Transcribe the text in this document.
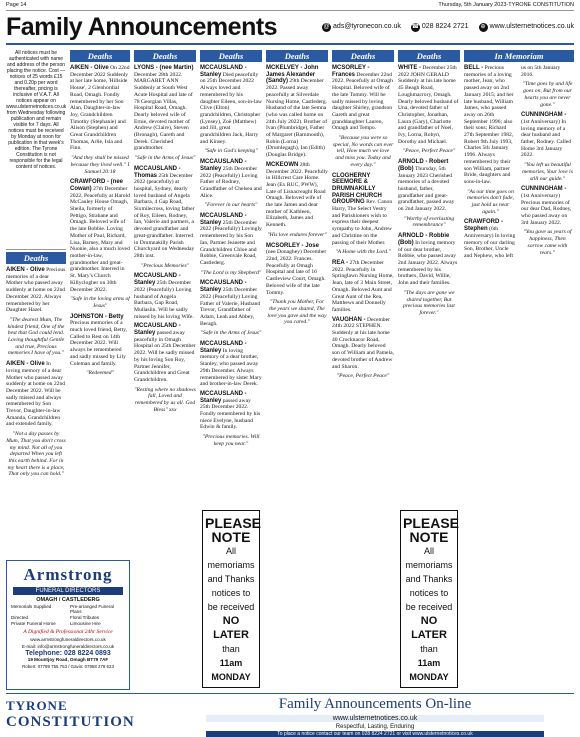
Page 14	Thursday, 5th January 2023-TYRONE CONSTITUTION
Family Announcements	@ ads@tyronecon.co.uk ☎ 028 8224 2721	⊕ www.ulsternetnotices.co.uk
All notices must be authenticated with name and address of the person placing the notice. Cost — notices of 25 words £15 and 0.20p per word thereafter, pricing is inclusive of V.A.T. All notices appear on www.ulsternetnotices.co.uk from Wednesday following publication and remain visible for 7 days. All notices must be received by Monday at noon for publication in that week's edition. The Tyrone Constitution is not responsible for the legal content of notices.
Deaths

AIKEN - Olive Precious memories of a dear Mother who passed away suddenly at home on 22nd December 2022. Always remembered by her Daughter Hazel.

"The dearest Mum, The kindest friend, One of the best that God could lend. Loving thoughtful Gentle and true, Precious memories I have of you."

AIKEN - Olive In loving memory of a dear Mother who passed away suddenly at home on 22nd December 2022. Will be sadly missed and always remembered by Son Trevor, Daughter-in-law Amanda, Grandchildren and extended family.

"Not a day passes by Mum, That you don't cross my mind. Not all of you departed When you left this earth behind. For in my heart there is a place, That only you can hold."

Deaths

AIKEN - Olive On 22nd December 2022 Suddenly at her late home, 'Hillside House', 2 Glenhordial Road, Omagh. Fondly remembered by her Son Alan, Daughter-in-law Joy, Grandchildren Timothy (Stephanie) and Alison (Stephen) and Great Grandchildren Thomas, Arlie, Isla and Finn.

"And they shall be missed because they lived well." I Samuel 20:18

CRAWFORD - (nee Cowan) 27th December 2022. Peacefully at Harold McCauley House Omagh, Sheila, formerly of Pettigo, Strabane and Omagh. Beloved wife of the late Bobbie. Loving Mother of Paul, Richard, Lisa, Barney, Mary and Nuonie, also a much loved mother-in-law, grandmother and great-grandmother. Interred in St. Mary's Church Killyclogher on 30th December 2022.

"Safe in the loving arms of Jesus"

JOHNSTON - Betty Precious memories of a much loved friend, Betty, Called to Rest on 14th December 2022. Will always be remembered and sadly missed by Lily Coleman and family.

"Redeemed"

Deaths

LYONS - (nee Martin) December 28th 2022. MARGARET ANN Suddenly at South West Acute Hospital and late of 78 Georgian Villas, Hospital Road, Omagh. Dearly beloved wife of Ernie, devoted mother of Andrew (Claire), Steven (Bronagh), Gareth and Derek. Cherished grandmother.

"Safe in the Arms of Jesus"

MCCAUSLAND - Thomas 25th December 2022 (peacefully) at hospital, Sydney, dearly loved husband of Angela Barbara, 4 Gap Road, Sixmilecross, loving father of Roy, Eileen, Rodney, Ian, Valerie and partners, a devoted grandfather and great-grandfather. Interred in Drumnakilly Parish Churchyard on Wednesday 28th inst.

"Precious Memories"

MCCAUSLAND - Stanley 25th December 2022 (Peacefully) Loving husband of Angela Barbara, Gap Road, Mullaslin. Will be sadly missed by his loving Wife.

MCCAUSLAND - Stanley passed away peacefully in Omagh Hospital on 25th December 2022. Will be sadly missed by his loving Son Roy, Partner Jennifer, Grandchildren and Great Grandchildren.

"Resting where no shadows fall, Loved and remembered by us all. God Bless" xxx

Deaths

MCCAUSLAND - Stanley Died peacefully on 25th December 2022 Always loved and remembered by his daughter Eileen, son-in-law Clive (Elton) grandchildren, Christopher (Lynsey), Zoë (Matthew) and Jill, great grandchildren Jack, Harry and Kinsey.

"Safe in God's keeping"

MCCAUSLAND - Stanley 25th December 2022 (Peacefully) Loving Father of Rodney, Grandfather of Chelsea and Alice.

"Forever in our hearts"

MCCAUSLAND - Stanley 25th December 2022 (Peacefully) Lovingly remembered by his Son Ian, Partner Jeanette and Grandchildren Chloe and Robbie, Greenvale Road, Castlederg.

"The Lord is my Shepherd"

MCCAUSLAND - Stanley 25th December 2022 (Peacefully) Loving Father of Valerie, Husband Trevor, Grandfather of Adam, Leah and Abbey, Beragh.

"Safe in the Arms of Jesus"

MCCAUSLAND - Stanley In loving memory of a dear brother, Stanley, who passed away 29th December. Always remembered by sister Mary and brother-in-law Derek.

MCCAUSLAND - Stanley passed away 25th December 2022. Fondly remembered by his niece Evelyne, husband Edwin & family.

"Precious memories. Will keep you near."

PLEASE
NOTE
All memoriams
and Thanks
notices to
be received
NO LATER
than
11am MONDAY
Deaths

MCKELVEY - John James Alexander (Sandy) 29th December 2022. Passed away peacefully at Silverdale Nursing Home, Castlederg. Husband of the late Semna (who was called home on 24th July 2022). Brother of Ivan (Plumbridge), Father of Margaret (Barnmouth), Robin (Lorna) (Drumlegagh), Ian (Edith) (Douglas Bridge).

MCKEOWN 28th December 2022. Peacefully in Hillcrest Care Home. Jean (Ex RUC, PWW), Late of Lisnacreaght Road Omagh. Beloved wife of the late James and dear mother of Kathleen, Elizabeth, James and Kenneth.

"His love endures forever"

MCSORLEY - Jose (nee Donaghey) December 22nd, 2022. Frances. Peacefully at Omagh Hospital and late of 16 Castleview Court, Omagh. Beloved wife of the late Tommy.

"Thank you Mother, For the years we shared, The love you gave and the way you cared."

Deaths

MCSORLEY - Frances December 22nd 2022. Peacefully at Omagh Hospital. Beloved wife of the late Tommy. Will be sadly missed by loving daughter Shirley, grandson Gareth and great granddaughter Lauren, Omagh and Tempo.

"Because you were so special, No words can ever tell, How much we love and miss you. Today and every day."

CLOGHERNY SEEMORE & DRUMNAKILLY PARISH CHURCH GROUPING Rev. Canon Harry, The Select Vestry and Parishioners wish to express their deepest sympathy to John, Andrew and Christine on the passing of their Mother.

"A Home with the Lord."

REA - 27th December 2022. Peacefully in Springlawn Nursing Home, Jean, late of 3 Main Street, Omagh. Beloved Aunt and Great Aunt of the Rea, Matthews and Donnelly families.

VAUGHAN - December 24th 2022 STEPHEN. Suddenly at his late home 40 Crocknacor Road, Omagh. Dearly beloved son of William and Pamela, devoted brother of Andrew and Sharon.

"Peace, Perfect Peace"

Deaths

WHITE - December 25th 2022 JOHN GERALD Suddenly at his late home 45 Beagh Road, Loughmacrory, Omagh. Dearly beloved husband of Una, devoted father of Christopher, Jonathan, Laura (Gary), Charlotte and grandfather of Noel, Ivy, Lorna, Robyn, Dorothy and Michael.

"Peace, Perfect Peace"

ARNOLD - Robert (Bob) Thursday, 5th January 2023 Cherished memories of a devoted husband, father, grandfather and great-grandfather, passed away on 2nd January 2022.

"Worthy of everlasting remembrance"

ARNOLD - Robbie (Bob) In loving memory of our dear brother, Robbie, who passed away 2nd January 2022. Always remembered by his brothers, David, Willie, John and their families.

"The days are gone we shared together, But precious memories last forever."

PLEASE
NOTE
All memoriams
and Thanks
notices to
be received
NO LATER
than
11am MONDAY
In Memoriam

BELL - Precious memories of a loving mother, Jean, who passed away on 2nd January 2015; and her late husband, William James, who passed away on 26th September 1996; also their sons; Richard 27th September 1982, Robert 9th July 1993, Charles 5th January 1996. Always remembered by their son William, partner Bride, daughters and sons-in-law.

"As our time goes on memories don't fade, just hold us near again."

CRAWFORD - Stephen (6th Anniversary) In loving memory of our darling Son, Brother, Uncle and Nephew, who left us on 5th January 2016.

"Time goes by and life goes on, But from our hearts you are never gone."

CUNNINGHAM - (1st Anniversary) In loving memory of a dear husband and father, Rodney. Called Home 3rd January 2022.

"You left us beautiful memories, Your love is still our guide."

CUNNINGHAM - (1st Anniversary) Precious memories of our dear Dad, Rodney, who passed away on 3rd January 2022.

"You gave us years of happiness, Then sorrow came with tears."

Armstrong
FUNERAL DIRECTORS
OMAGH / CASTLEDERG
Memorials Supplied	Pre-arranged Funeral Plans
Directed	Floral Tributes
Private Funeral Home	Limousine Hire
A Dignified & Professional 24hr Service
www.armstrongfuneraldirectors.co.uk
E-mail: info@armstrongfuneraldirectors.co.uk
Telephone: 028 8224 0893
19 Mountjoy Road, Omagh BT79 7AF
Robert: 07799 755 753 / Gavin: 07958 278 623
TYRONE
CONSTITUTION
Family Announcements On-line
www.ulsternetnotices.co.uk
Respectful, Lasting, Enduring
To place a notice contact our team on 028 8224 2721 or visit www.ulsternetnotices.co.uk
